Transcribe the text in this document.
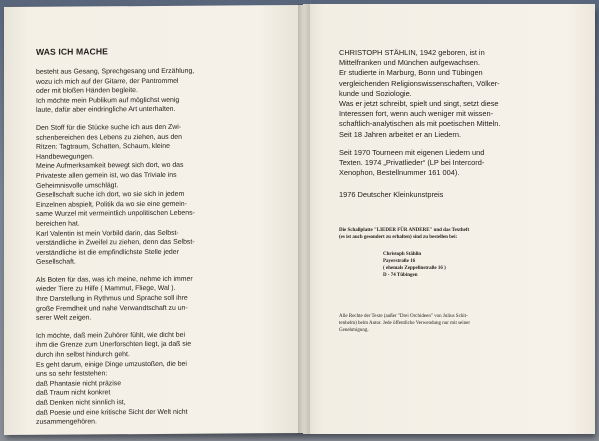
WAS ICH MACHE

besteht aus Gesang, Sprechgesang und Erzählung,
wozu ich mich auf der Gitarre, der Pantrommel
oder mit bloßen Händen begleite.
Ich möchte mein Publikum auf möglichst wenig
laute, dafür aber eindringliche Art unterhalten.

Den Stoff für die Stücke suche ich aus den Zwi-
schenbereichen des Lebens zu ziehen, aus den
Ritzen: Tagtraum, Schatten, Schaum, kleine
Handbewegungen.
Meine Aufmerksamkeit bewegt sich dort, wo das
Privateste allen gemein ist, wo das Triviale ins
Geheimnisvolle umschlägt.
Gesellschaft suche ich dort, wo sie sich in jedem
Einzelnen abspielt, Politik da wo sie eine gemein-
same Wurzel mit vermeintlich unpolitischen Lebens-
bereichen hat.
Karl Valentin ist mein Vorbild darin, das Selbst-
verständliche in Zweifel zu ziehen, denn das Selbst-
verständliche ist die empfindlichste Stelle jeder
Gesellschaft.

Als Boten für das, was ich meine, nehme ich immer
wieder Tiere zu Hilfe ( Mammut, Fliege, Wal ).
Ihre Darstellung in Rythmus und Sprache soll ihre
große Fremdheit und nahe Verwandtschaft zu un-
serer Welt zeigen.

Ich möchte, daß mein Zuhörer fühlt, wie dicht bei
ihm die Grenze zum Unerforschten liegt, ja daß sie
durch ihn selbst hindurch geht.
Es geht darum, einige Dinge umzustoßen, die bei
uns so sehr feststehen:
daß Phantasie nicht präzise
daß Traum nicht konkret
daß Denken nicht sinnlich ist,
daß Poesie und eine kritische Sicht der Welt nicht
zusammengehören.

CHRISTOPH STÄHLIN, 1942 geboren, ist in
Mittelfranken und München aufgewachsen.
Er studierte in Marburg, Bonn und Tübingen
vergleichenden Religionswissenschaften, Völker-
kunde und Soziologie.
Was er jetzt schreibt, spielt und singt, setzt diese
Interessen fort, wenn auch weniger mit wissen-
schaftlich-analytischen als mit poetischen Mitteln.
Seit 18 Jahren arbeitet er an Liedern.

Seit 1970 Tourneen mit eigenen Liedern und
Texten. 1974 „Privatlieder“ (LP bei Intercord-
Xenophon, Bestellnummer 161 004).

1976 Deutscher Kleinkunstpreis

Die Schallplatte "LIEDER FÜR ANDERE" und das Textheft
(es ist auch gesondert zu erhalten) sind zu bestellen bei:
Christoph Stählin
Payerstraße 16
( ehemals Zeppelinstraße 16 )
D - 74 Tübingen
Alle Rechte der Texte (außer "Drei Orchideen" von Julius Schit-
tenhelm) beim Autor. Jede öffentliche Verwendung nur mit seiner
Genehmigung.
